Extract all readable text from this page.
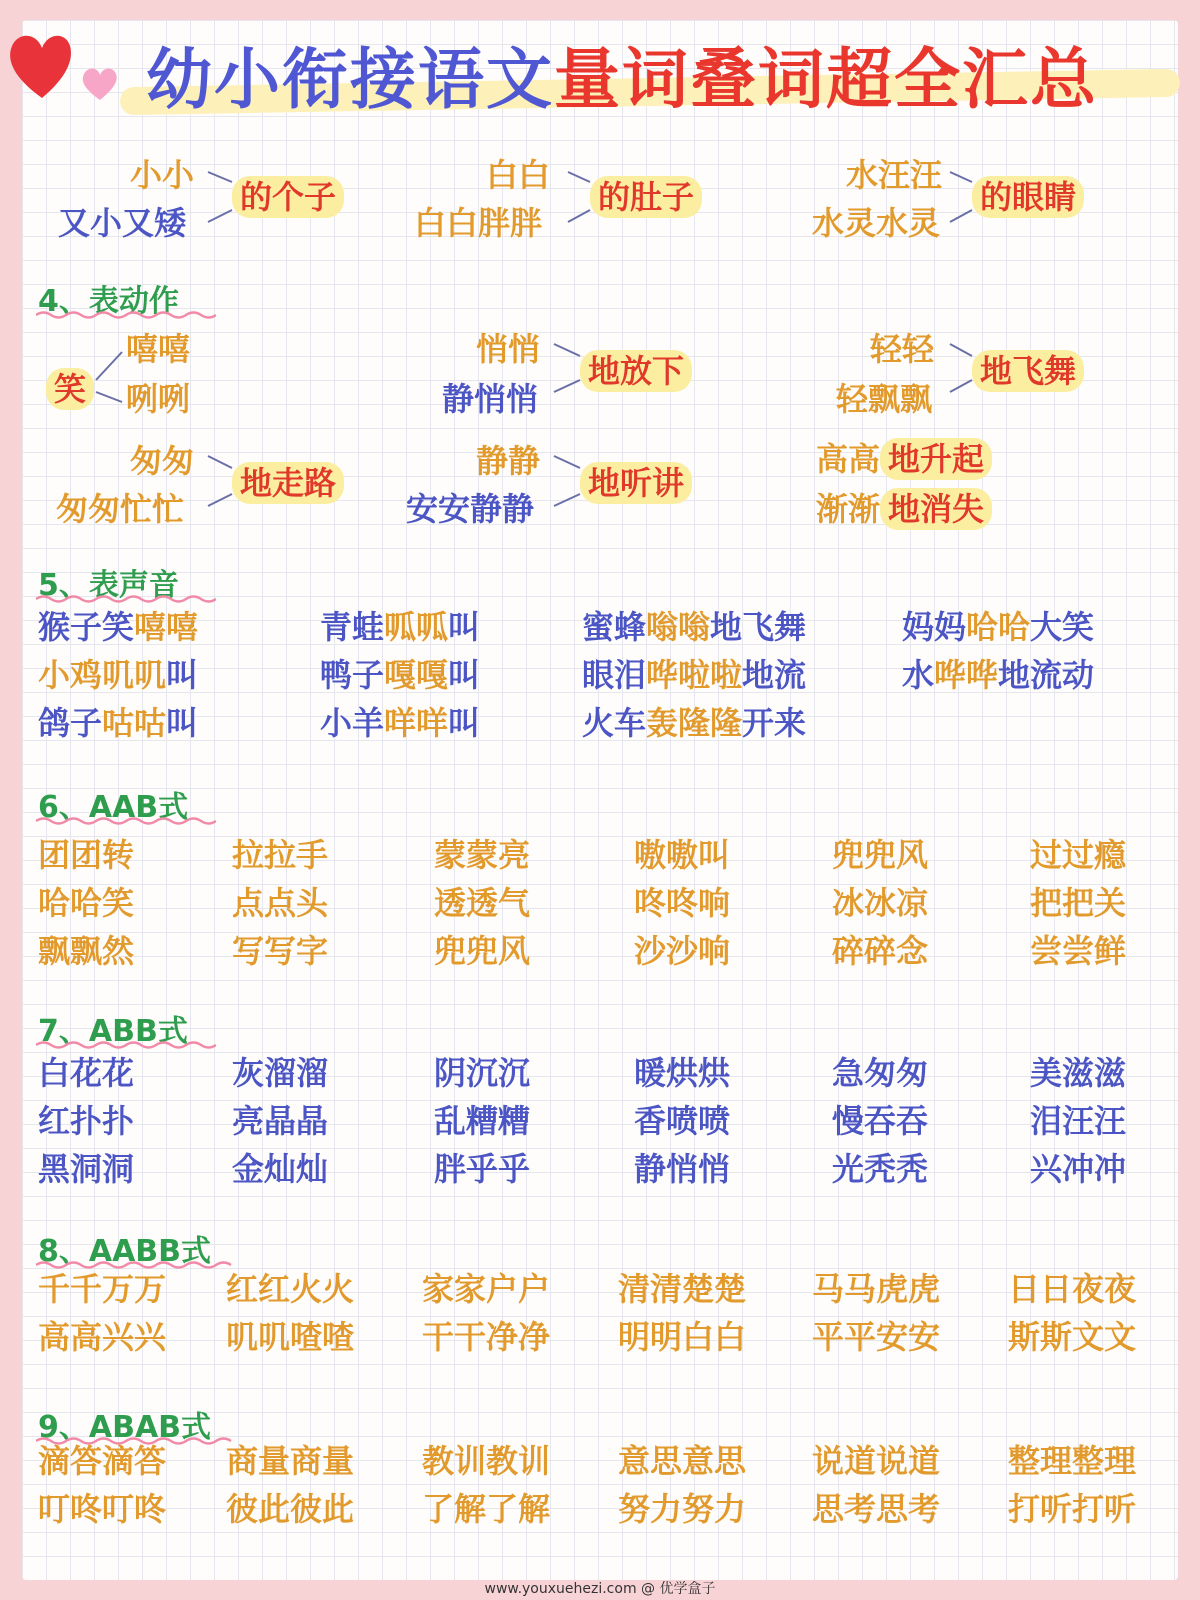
幼小衔接语文量词叠词超全汇总
小小
又小又矮
的个子
白白
白白胖胖
的肚子
水汪汪
水灵水灵
的眼睛
4、表动作
笑
嘻嘻
咧咧
悄悄
静悄悄
地放下
轻轻
轻飘飘
地飞舞
匆匆
匆匆忙忙
地走路
静静
安安静静
地听讲
高高 地升起
渐渐 地消失
5、表声音
猴子笑嘻嘻	青蛙呱呱叫	蜜蜂嗡嗡地飞舞	妈妈哈哈大笑
小鸡叽叽叫	鸭子嘎嘎叫	眼泪哗啦啦地流	水哗哗地流动
鸽子咕咕叫	小羊咩咩叫	火车轰隆隆开来
6、AAB式
团团转	拉拉手	蒙蒙亮	嗷嗷叫	兜兜风	过过瘾
哈哈笑	点点头	透透气	咚咚响	冰冰凉	把把关
飘飘然	写写字	兜兜风	沙沙响	碎碎念	尝尝鲜
7、ABB式
白花花	灰溜溜	阴沉沉	暖烘烘	急匆匆	美滋滋
红扑扑	亮晶晶	乱糟糟	香喷喷	慢吞吞	泪汪汪
黑洞洞	金灿灿	胖乎乎	静悄悄	光秃秃	兴冲冲
8、AABB式
千千万万 红红火火 家家户户 清清楚楚 马马虎虎 日日夜夜
高高兴兴 叽叽喳喳 干干净净 明明白白 平平安安 斯斯文文
9、ABAB式
滴答滴答 商量商量 教训教训 意思意思 说道说道 整理整理
叮咚叮咚 彼此彼此 了解了解 努力努力 思考思考 打听打听
www.youxuehezi.com @ 优学盒子
